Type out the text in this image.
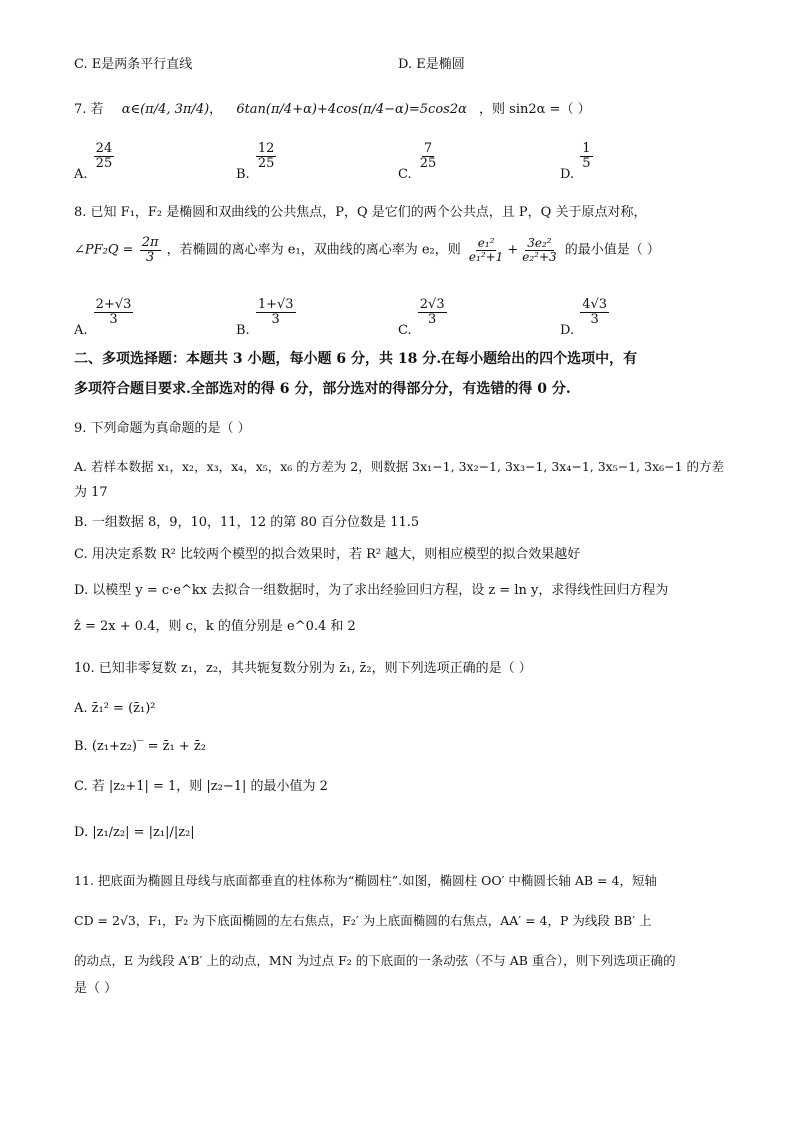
C. E是两条平行直线	D. E是椭圆
7. 若 α∈(π/4, 3π/4)， 6tan(π/4+α)+4cos(π/4−α)=5cos2α ，则 sin2α =（ ）
A.
$\frac{24}{25}$
B.
$\frac{12}{25}$
C.
$\frac{7}{25}$
D.
$\frac{1}{5}$
8. 已知 F₁，F₂ 是椭圆和双曲线的公共焦点，P，Q 是它们的两个公共点，且 P，Q 关于原点对称，
∠PF₂Q = $\frac{2\pi}{3}$ ，若椭圆的离心率为 e₁，双曲线的离心率为 e₂，则 $\frac{\text{e₁²}}{\text{e₁²+1}} + \frac{\text{3e₂²}}{\text{e₂²+3}}$ 的最小值是（ ）
A.
$\frac{2+√3}{3}$
B.
$\frac{1+√3}{3}$
C.
$\frac{2√3}{3}$
D.
$\frac{4√3}{3}$
二、多项选择题：本题共 3 小题，每小题 6 分，共 18 分.在每小题给出的四个选项中，有
多项符合题目要求.全部选对的得 6 分，部分选对的得部分分，有选错的得 0 分.
9. 下列命题为真命题的是（ ）
A. 若样本数据 x₁，x₂，x₃，x₄，x₅，x₆ 的方差为 2，则数据 3x₁−1, 3x₂−1, 3x₃−1, 3x₄−1, 3x₅−1, 3x₆−1 的方差
为 17
B. 一组数据 8，9，10，11，12 的第 80 百分位数是 11.5
C. 用决定系数 R² 比较两个模型的拟合效果时，若 R² 越大，则相应模型的拟合效果越好
D. 以模型 y = c·e^kx 去拟合一组数据时，为了求出经验回归方程，设 z = ln y，求得线性回归方程为
ẑ = 2x + 0.4，则 c，k 的值分别是 e^0.4 和 2
10. 已知非零复数 z₁，z₂，其共轭复数分别为 z̄₁, z̄₂，则下列选项正确的是（ ）
A. z̄₁² = (z̄₁)²
B. (z₁+z₂)‾ = z̄₁ + z̄₂
C. 若 |z₂+1| = 1，则 |z₂−1| 的最小值为 2
D. |z₁/z₂| = |z₁|/|z₂|
11. 把底面为椭圆且母线与底面都垂直的柱体称为“椭圆柱”.如图，椭圆柱 OO′ 中椭圆长轴 AB = 4，短轴
CD = 2√3，F₁，F₂ 为下底面椭圆的左右焦点，F₂′ 为上底面椭圆的右焦点，AA′ = 4，P 为线段 BB′ 上
的动点，E 为线段 A′B′ 上的动点，MN 为过点 F₂ 的下底面的一条动弦（不与 AB 重合），则下列选项正确的
是（ ）
